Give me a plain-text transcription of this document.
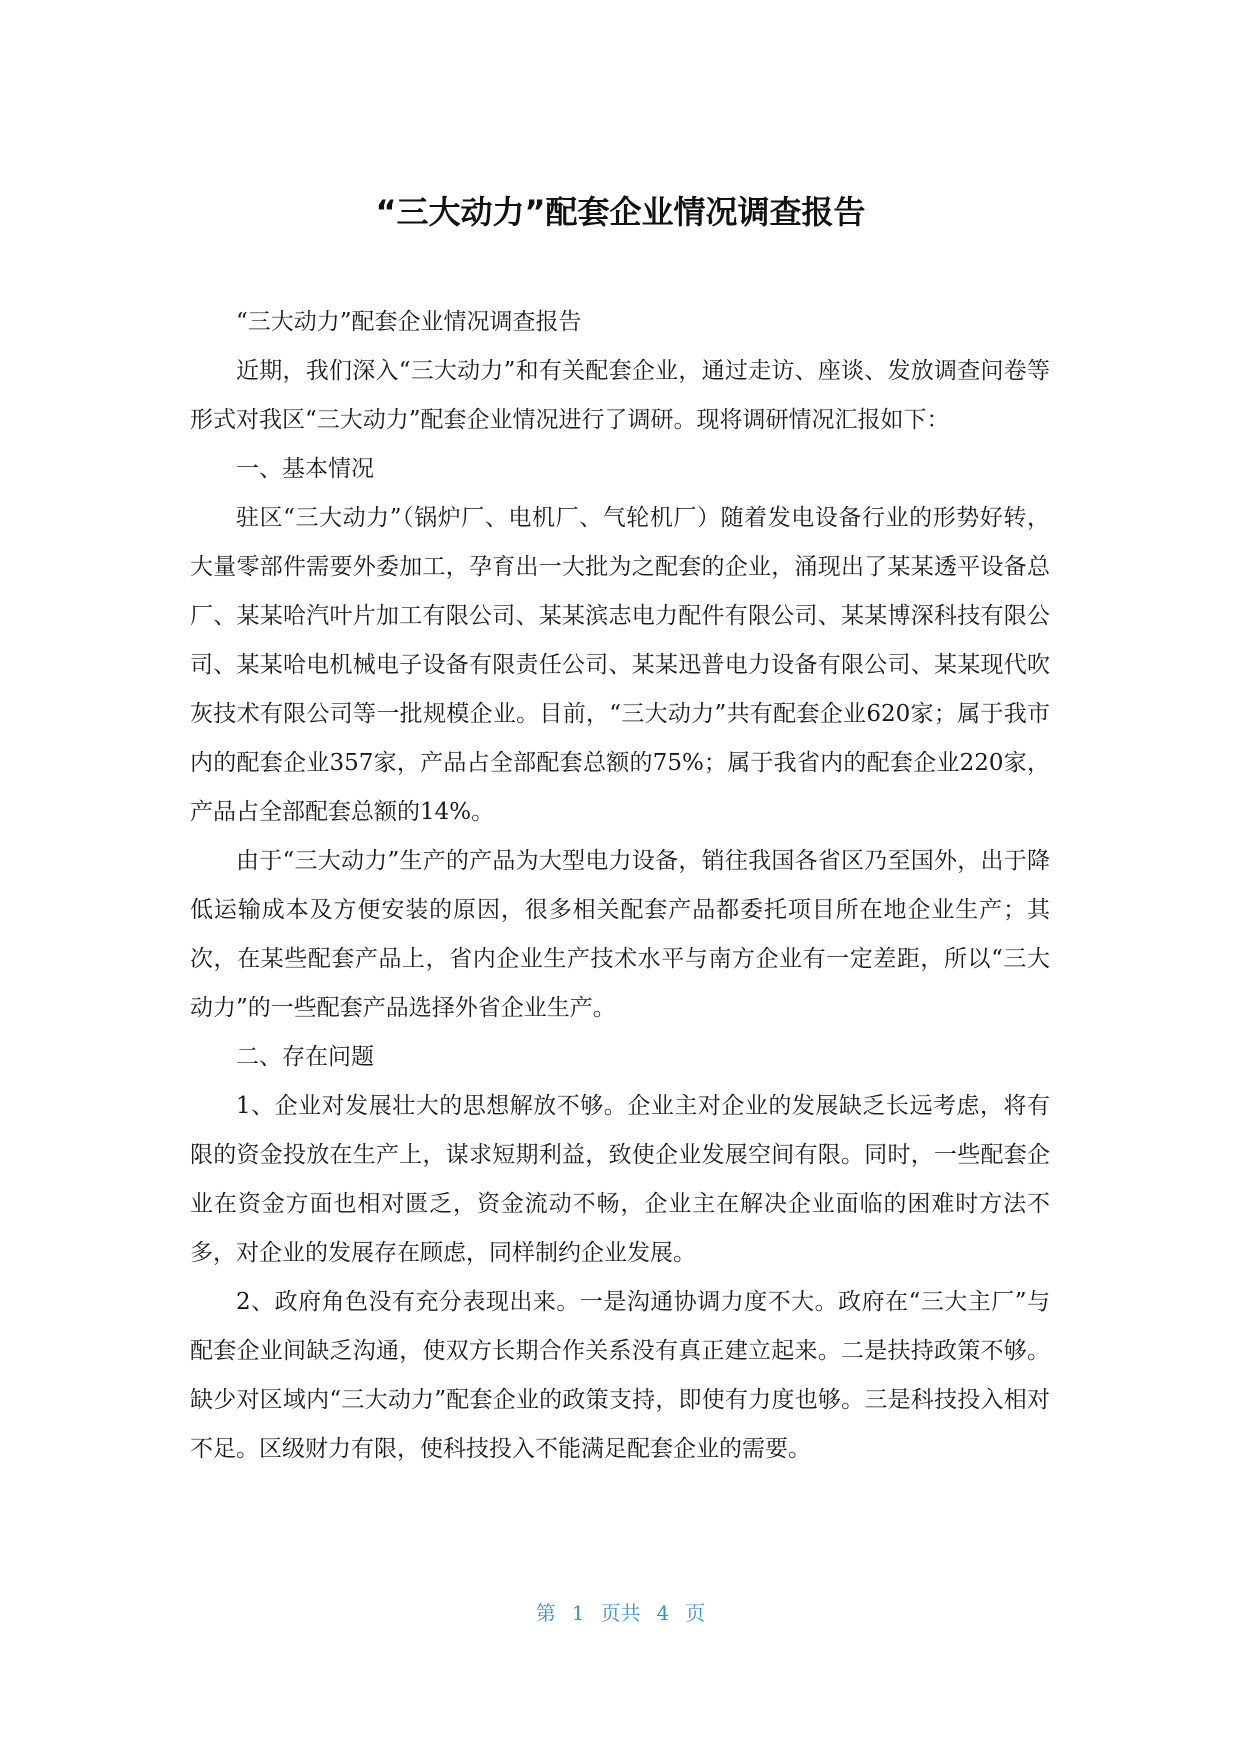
“三大动力”配套企业情况调查报告

“三大动力”配套企业情况调查报告

近期，我们深入“三大动力”和有关配套企业，通过走访、座谈、发放调查问卷等形式对我区“三大动力”配套企业情况进行了调研。现将调研情况汇报如下：

一、基本情况

驻区“三大动力”（锅炉厂、电机厂、气轮机厂）随着发电设备行业的形势好转，大量零部件需要外委加工，孕育出一大批为之配套的企业，涌现出了某某透平设备总厂、某某哈汽叶片加工有限公司、某某滨志电力配件有限公司、某某博深科技有限公司、某某哈电机械电子设备有限责任公司、某某迅普电力设备有限公司、某某现代吹灰技术有限公司等一批规模企业。目前，“三大动力”共有配套企业620家；属于我市内的配套企业357家，产品占全部配套总额的75%；属于我省内的配套企业220家，产品占全部配套总额的14%。

由于“三大动力”生产的产品为大型电力设备，销往我国各省区乃至国外，出于降低运输成本及方便安装的原因，很多相关配套产品都委托项目所在地企业生产；其次，在某些配套产品上，省内企业生产技术水平与南方企业有一定差距，所以“三大动力”的一些配套产品选择外省企业生产。

二、存在问题

1、企业对发展壮大的思想解放不够。企业主对企业的发展缺乏长远考虑，将有限的资金投放在生产上，谋求短期利益，致使企业发展空间有限。同时，一些配套企业在资金方面也相对匮乏，资金流动不畅，企业主在解决企业面临的困难时方法不多，对企业的发展存在顾虑，同样制约企业发展。

2、政府角色没有充分表现出来。一是沟通协调力度不大。政府在“三大主厂”与配套企业间缺乏沟通，使双方长期合作关系没有真正建立起来。二是扶持政策不够。缺少对区域内“三大动力”配套企业的政策支持，即使有力度也够。三是科技投入相对不足。区级财力有限，使科技投入不能满足配套企业的需要。

第 1 页共 4 页
